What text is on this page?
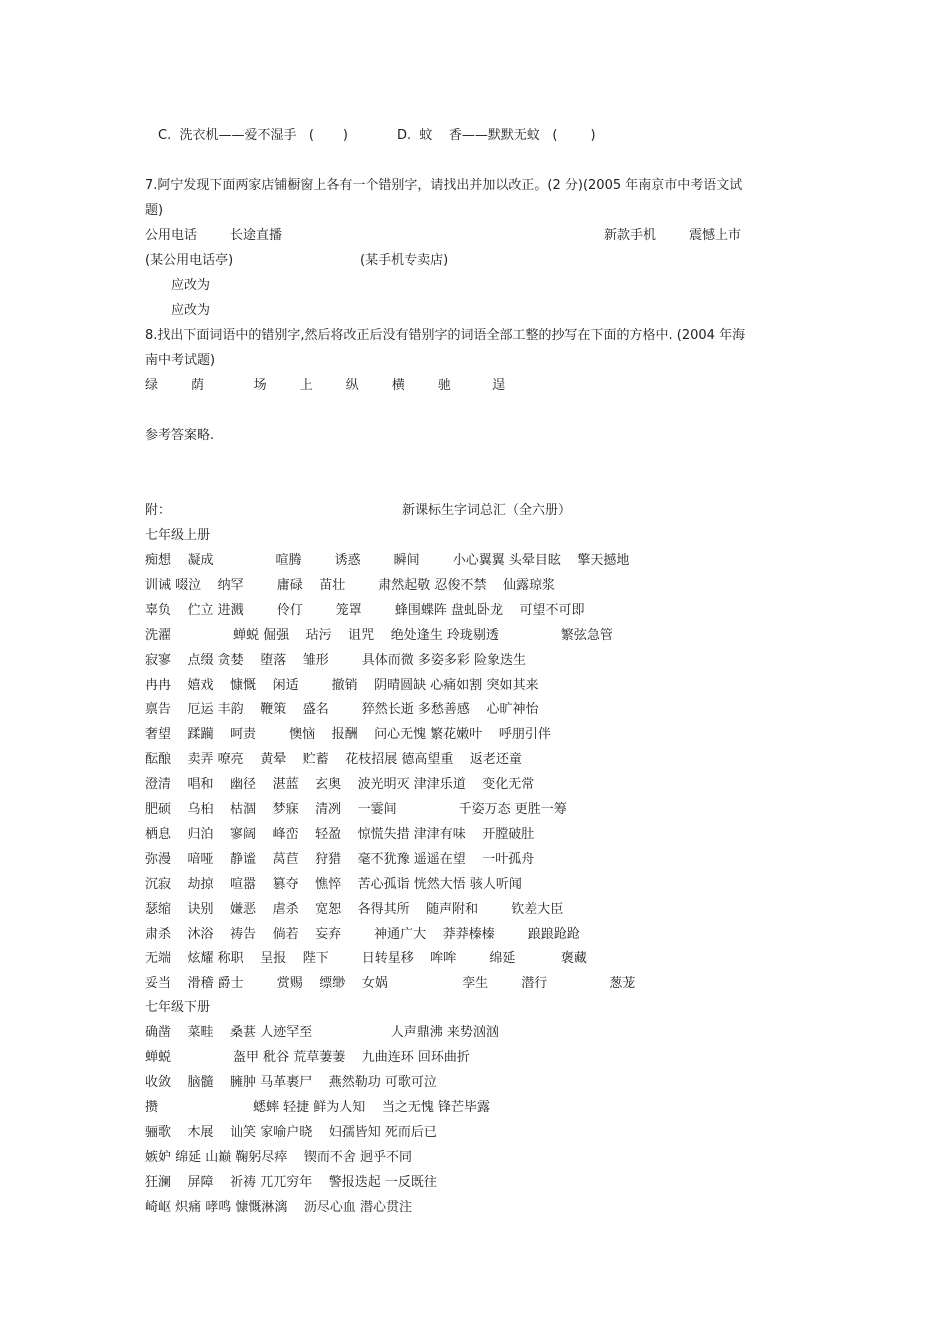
C.  洗衣机——爱不湿手   (       )	D.  蚊    香——默默无蚊   (        )
7.阿宁发现下面两家店铺橱窗上各有一个错别字，请找出并加以改正。(2 分)(2005 年南京市中考语文试
题)
公用电话        长途直播	新款手机        震憾上市
(某公用电话亭)	(某手机专卖店)
应改为
应改为
8.找出下面词语中的错别字,然后将改正后没有错别字的词语全部工整的抄写在下面的方格中. (2004 年海
南中考试题)
绿        荫            场        上        纵        横        驰          逞
参考答案略.
附：	新课标生字词总汇（全六册）
七年级上册
痴想    凝成               喧腾        诱惑        瞬间        小心翼翼 头晕目眩    擎天撼地
训诫 啜泣    纳罕        庸碌    苗壮        肃然起敬 忍俊不禁    仙露琼浆
辜负    伫立 进溅        伶仃        笼罩        蜂围蝶阵 盘虬卧龙    可望不可即
洗濯               蝉蜕 倔强    玷污    诅咒    绝处逢生 玲珑剔透               繁弦急管
寂寥    点缀 贪婪    堕落    雏形        具体而微 多姿多彩 险象迭生
冉冉    嬉戏    慷慨    闲适        撤销    阴晴圆缺 心痛如割 突如其来
禀告    厄运 丰韵    鞭策    盛名        猝然长逝 多愁善感    心旷神怡
奢望    蹂躏    呵责        懊恼    报酬    问心无愧 繁花嫩叶    呼朋引伴
酝酿    卖弄 嘹亮    黄晕    贮蓄    花枝招展 德高望重    返老还童
澄清    唱和    幽径    湛蓝    玄奥    波光明灭 津津乐道    变化无常
肥硕    乌桕    枯涸    梦寐    清冽    一霎间               千姿万态 更胜一筹
栖息    归泊    寥阔    峰峦    轻盈    惊慌失措 津津有味    开膛破肚
弥漫    喑哑    静谧    莴苣    狩猎    毫不犹豫 遥遥在望    一叶孤舟
沉寂    劫掠    喧嚣    篡夺    憔悴    苦心孤诣 恍然大悟 骇人听闻
瑟缩    诀别    嫌恶    虐杀    宽恕    各得其所    随声附和        钦差大臣
肃杀    沐浴    祷告    倘若    妄弃        神通广大    莽莽榛榛        踉踉跄跄
无端    炫耀 称职    呈报    陛下        日转星移    哞哞        绵延           褒藏
妥当    滑稽 爵士        赏赐    缥缈    女娲                  孪生        潜行               葱茏
七年级下册
确凿    菜畦    桑葚 人迹罕至                   人声鼎沸 来势汹汹
蝉蜕               盔甲 秕谷 荒草萋萋    九曲连环 回环曲折
收敛    脑髓    臃肿 马革裹尸    燕然勒功 可歌可泣
攒                       蟋蟀 轻捷 鲜为人知    当之无愧 锋芒毕露
骊歌    木展    讪笑 家喻户晓    妇孺皆知 死而后已
嫉妒 绵延 山巅 鞠躬尽瘁    锲而不舍 迥乎不同
狂澜    屏障    祈祷 兀兀穷年    警报迭起 一反既往
崎岖 炽痛 哮鸣 慷慨淋漓    沥尽心血 潜心贯注
